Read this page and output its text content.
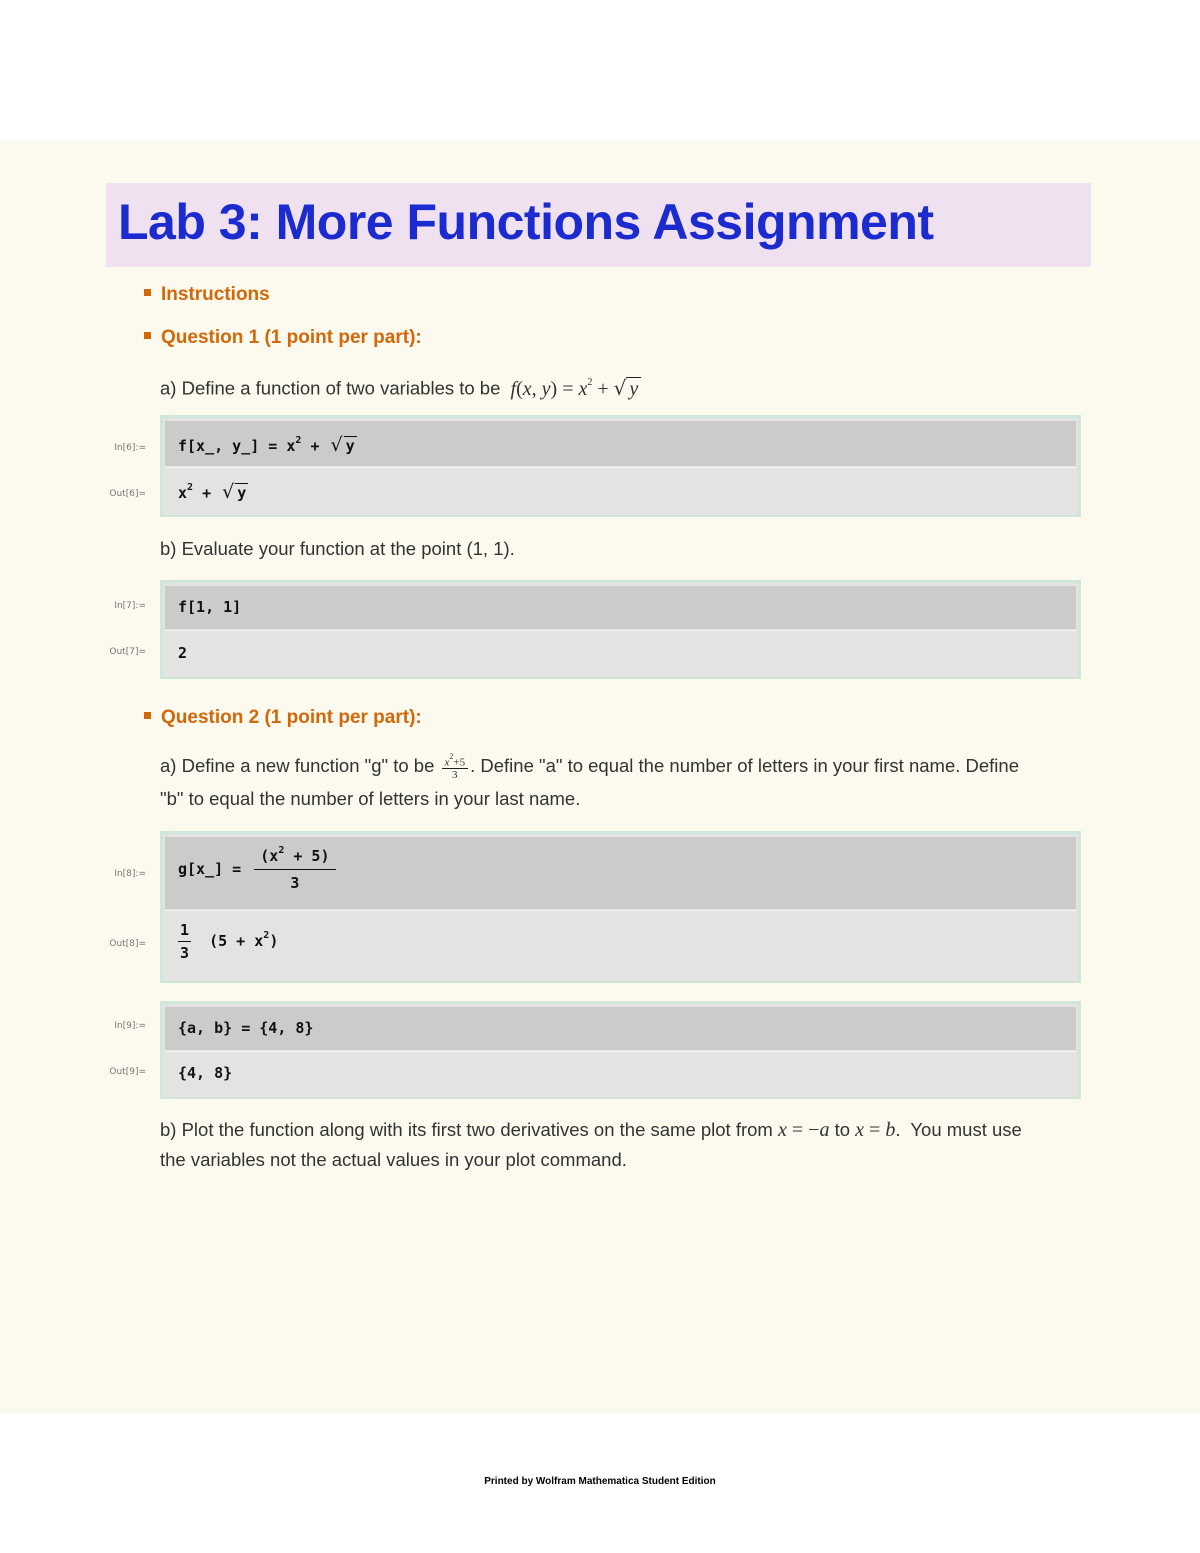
Lab 3: More Functions Assignment
Instructions
Question 1 (1 point per part):
a) Define a function of two variables to be f(x, $y) = x^2$ + √ y
In[6]:=
Out[6]=
f[x_, y_] = $x^2$ + √ y
$x^2$ + √ y
b) Evaluate your function at the point (1, 1).
In[7]:=
Out[7]=
f[1, 1]
2
Question 2 (1 point per part):
a) Define a new function "g" to be $\frac{x^2+5}{3}$ . Define "a" to equal the number of letters in your first name. Define
"b" to equal the number of letters in your last name.
In[8]:=
Out[8]=
g[x_] = $\frac{(x^2 + 5)}{3}$
$\frac{1}{3} (5 + x^2)$
In[9]:=
Out[9]=
{a, b} = {4, 8}
{4, 8}
b) Plot the function along with its first two derivatives on the same plot from x = −a to x = b.  You must use
the variables not the actual values in your plot command.
Printed by Wolfram Mathematica Student Edition
